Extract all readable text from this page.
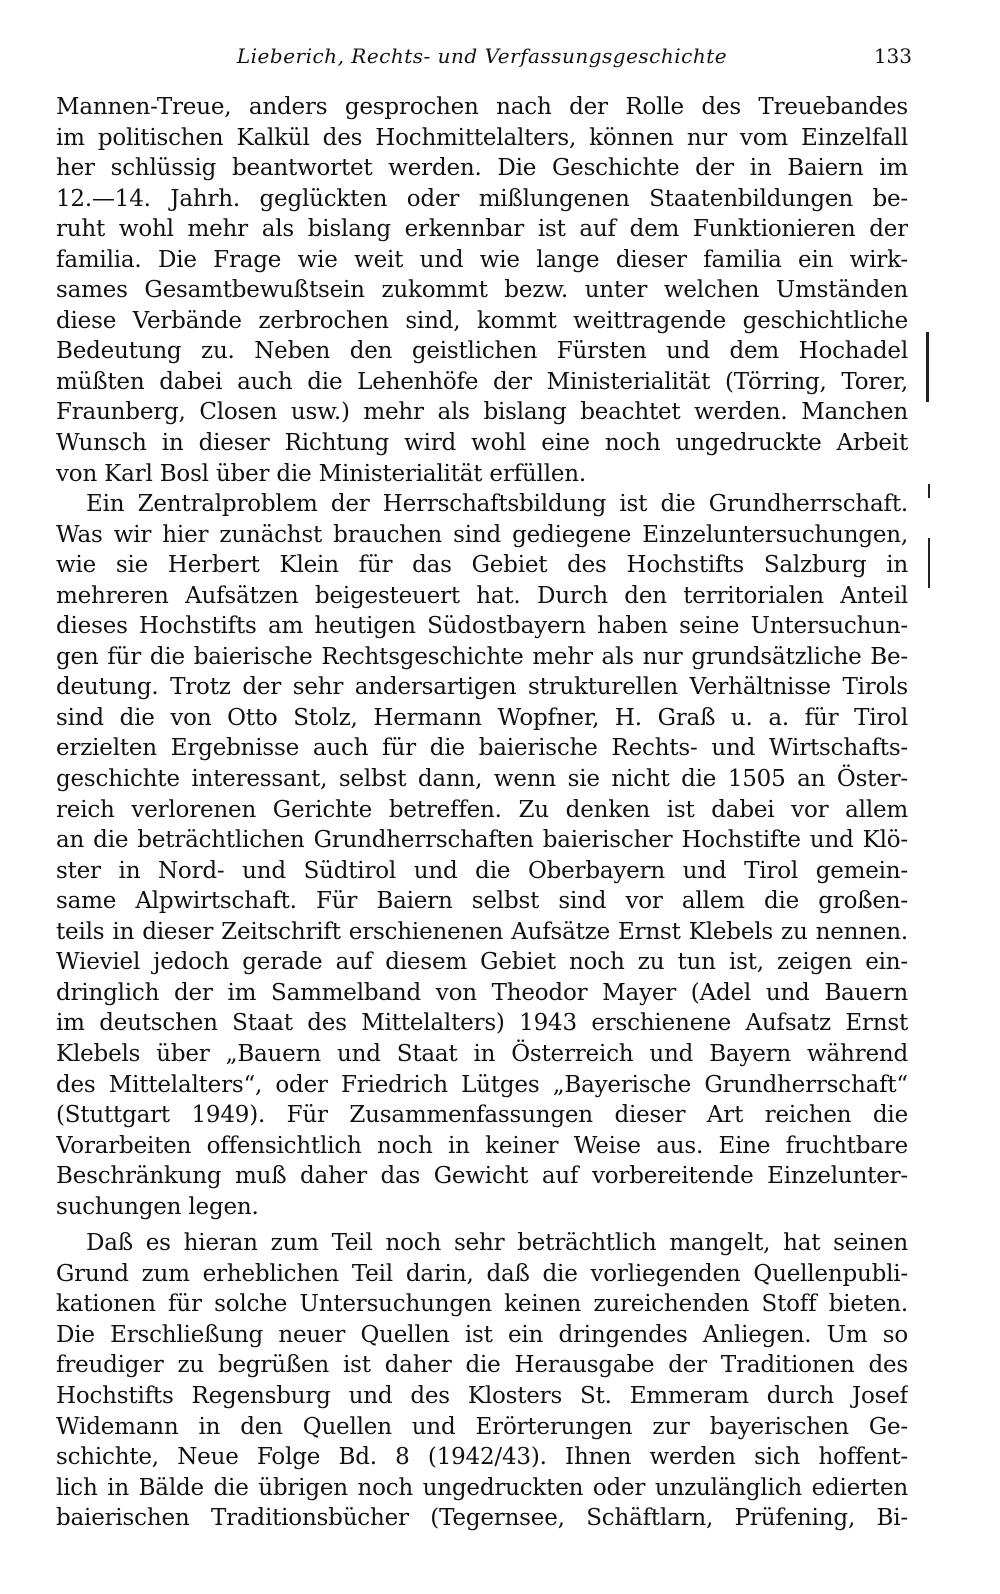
Lieberich, Rechts- und Verfassungsgeschichte	133
Mannen-Treue, anders gesprochen nach der Rolle des Treuebandes
im politischen Kalkül des Hochmittelalters, können nur vom Einzelfall
her schlüssig beantwortet werden. Die Geschichte der in Baiern im
12.—14. Jahrh. geglückten oder mißlungenen Staatenbildungen be-
ruht wohl mehr als bislang erkennbar ist auf dem Funktionieren der
familia. Die Frage wie weit und wie lange dieser familia ein wirk-
sames Gesamtbewußtsein zukommt bezw. unter welchen Umständen
diese Verbände zerbrochen sind, kommt weittragende geschichtliche
Bedeutung zu. Neben den geistlichen Fürsten und dem Hochadel
müßten dabei auch die Lehenhöfe der Ministerialität (Törring, Torer,
Fraunberg, Closen usw.) mehr als bislang beachtet werden. Manchen
Wunsch in dieser Richtung wird wohl eine noch ungedruckte Arbeit
von Karl Bosl über die Ministerialität erfüllen.
Ein Zentralproblem der Herrschaftsbildung ist die Grundherrschaft.
Was wir hier zunächst brauchen sind gediegene Einzeluntersuchungen,
wie sie Herbert Klein für das Gebiet des Hochstifts Salzburg in
mehreren Aufsätzen beigesteuert hat. Durch den territorialen Anteil
dieses Hochstifts am heutigen Südostbayern haben seine Untersuchun-
gen für die baierische Rechtsgeschichte mehr als nur grundsätzliche Be-
deutung. Trotz der sehr andersartigen strukturellen Verhältnisse Tirols
sind die von Otto Stolz, Hermann Wopfner, H. Graß u. a. für Tirol
erzielten Ergebnisse auch für die baierische Rechts- und Wirtschafts-
geschichte interessant, selbst dann, wenn sie nicht die 1505 an Öster-
reich verlorenen Gerichte betreffen. Zu denken ist dabei vor allem
an die beträchtlichen Grundherrschaften baierischer Hochstifte und Klö-
ster in Nord- und Südtirol und die Oberbayern und Tirol gemein-
same Alpwirtschaft. Für Baiern selbst sind vor allem die großen-
teils in dieser Zeitschrift erschienenen Aufsätze Ernst Klebels zu nennen.
Wieviel jedoch gerade auf diesem Gebiet noch zu tun ist, zeigen ein-
dringlich der im Sammelband von Theodor Mayer (Adel und Bauern
im deutschen Staat des Mittelalters) 1943 erschienene Aufsatz Ernst
Klebels über „Bauern und Staat in Österreich und Bayern während
des Mittelalters“, oder Friedrich Lütges „Bayerische Grundherrschaft“
(Stuttgart 1949). Für Zusammenfassungen dieser Art reichen die
Vorarbeiten offensichtlich noch in keiner Weise aus. Eine fruchtbare
Beschränkung muß daher das Gewicht auf vorbereitende Einzelunter-
suchungen legen.
Daß es hieran zum Teil noch sehr beträchtlich mangelt, hat seinen
Grund zum erheblichen Teil darin, daß die vorliegenden Quellenpubli-
kationen für solche Untersuchungen keinen zureichenden Stoff bieten.
Die Erschließung neuer Quellen ist ein dringendes Anliegen. Um so
freudiger zu begrüßen ist daher die Herausgabe der Traditionen des
Hochstifts Regensburg und des Klosters St. Emmeram durch Josef
Widemann in den Quellen und Erörterungen zur bayerischen Ge-
schichte, Neue Folge Bd. 8 (1942/43). Ihnen werden sich hoffent-
lich in Bälde die übrigen noch ungedruckten oder unzulänglich edierten
baierischen Traditionsbücher (Tegernsee, Schäftlarn, Prüfening, Bi-
